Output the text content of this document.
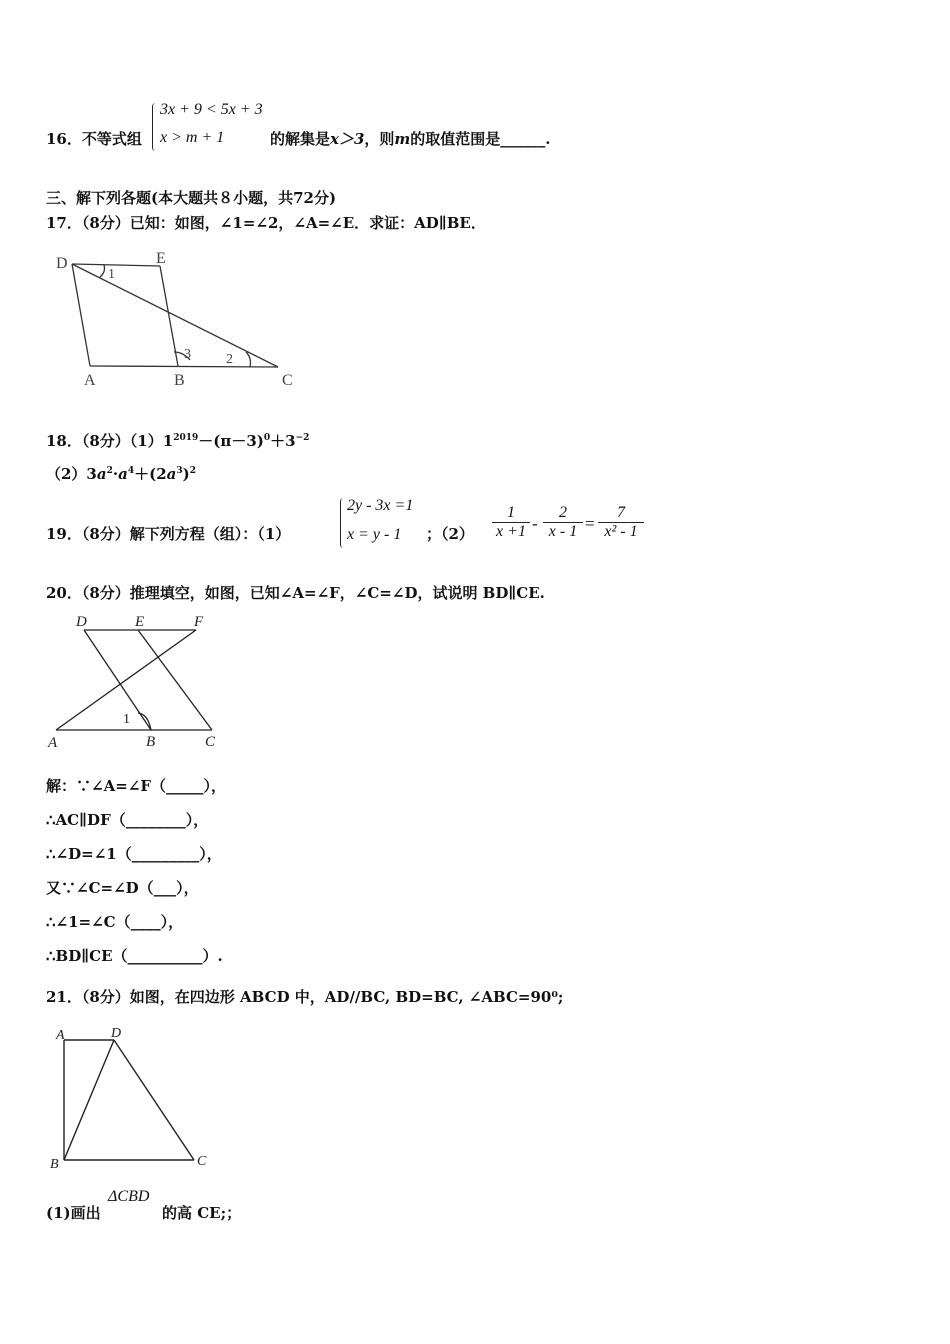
16．不等式组
3x + 9 < 5x + 3
x > m + 1	的解集是x＞3，则m的取值范围是______.
三、解下列各题(本大题共８小题，共72分)
17．（8分）已知：如图，∠1=∠2，∠A=∠E．求证：AD∥BE．
D	E
A	B	C
1
3	2
18．（8分）$(1)1^{2019}-(\pi-3)^0+3^{-2}$
$(2)3a^2\cdot a^4+(2a^3)^2$
19．（8分）解下列方程（组）：（1）
2y - 3x =1
x = y - 1 ；$(2) \frac{1}{x +1} - \frac{2}{x - 1} = \frac{7}{\text{x² - 1}}$
20．（8分）推理填空，如图，已知∠A=∠F，∠C=∠D，试说明 BD∥CE.
D	E	F
A	B	C
1
解：∵∠A=∠F（_____），
∴AC∥DF（________），
∴∠D=∠1（_________），
又∵∠C=∠D（___），
∴∠1=∠C（____），
∴BD∥CE（__________）.
21．（8分）如图，在四边形 ABCD 中，AD//BC, BD=BC, ∠ABC=90⁰;
A	D
B	C
(1)画出
ΔCBD
的高 CE;；
